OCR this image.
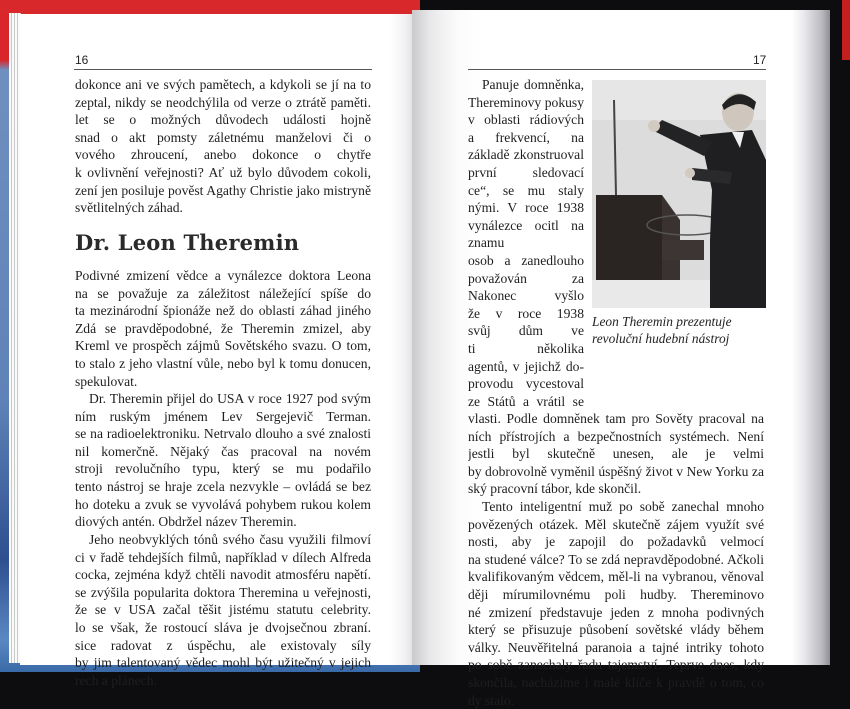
16
dokonce ani ve svých pamětech, a kdykoli se jí na to
zeptal, nikdy se neodchýlila od verze o ztrátě paměti.
let se o možných důvodech události hojně
snad o akt pomsty záletnému manželovi či o
vového zhroucení, anebo dokonce o chytře
k ovlivnění veřejnosti? Ať už bylo důvodem cokoli,
zení jen posiluje pověst Agathy Christie jako mistryně
světlitelných záhad.
Dr. Leon Theremin
Podivné zmizení vědce a vynálezce doktora Leona
na se považuje za záležitost náležející spíše do
ta mezinárodní špionáže než do oblasti záhad jiného
Zdá se pravděpodobné, že Theremin zmizel, aby
Kreml ve prospěch zájmů Sovětského svazu. O tom,
to stalo z jeho vlastní vůle, nebo byl k tomu donucen,
spekulovat.
Dr. Theremin přijel do USA v roce 1927 pod svým
ním ruským jménem Lev Sergejevič Terman.
se na radioelektroniku. Netrvalo dlouho a své znalosti
nil komerčně. Nějaký čas pracoval na novém
stroji revolučního typu, který se mu podařilo
tento nástroj se hraje zcela nezvykle – ovládá se bez
ho doteku a zvuk se vyvolává pohybem rukou kolem
diových antén. Obdržel název Theremin.
Jeho neobvyklých tónů svého času využili filmoví
ci v řadě tehdejších filmů, například v dílech Alfreda
cocka, zejména když chtěli navodit atmosféru napětí.
se zvýšila popularita doktora Theremina u veřejnosti,
že se v USA začal těšit jistému statutu celebrity.
lo se však, že rostoucí sláva je dvojsečnou zbraní.
sice radovat z úspěchu, ale existovaly síly
by jim talentovaný vědec mohl být užitečný v jejich
rech a plánech.
17
Panuje domněnka,
Thereminovy pokusy
v oblasti rádiových
a frekvencí, na
základě zkonstruoval
první sledovací
ce“, se mu staly
nými. V roce 1938
vynálezce ocitl na
znamu
osob a zanedlouho
považován za
Nakonec vyšlo
že v roce 1938
svůj dům ve
ti několika
agentů, v jejichž do-
provodu vycestoval
ze Států a vrátil se
Leon Theremin prezentuje revoluční hudební nástroj
vlasti. Podle domněnek tam pro Sověty pracoval na
ních přístrojích a bezpečnostních systémech. Není
jestli byl skutečně unesen, ale je velmi
by dobrovolně vyměnil úspěšný život v New Yorku za
ský pracovní tábor, kde skončil.
Tento inteligentní muž po sobě zanechal mnoho
povězených otázek. Měl skutečně zájem využít své
nosti, aby je zapojil do požadavků velmocí
na studené válce? To se zdá nepravděpodobné. Ačkoli
kvalifikovaným vědcem, měl-li na vybranou, věnoval
ději mírumilovnému poli hudby. Thereminovo
né zmizení představuje jeden z mnoha podivných
který se přisuzuje působení sovětské vlády během
války. Neuvěřitelná paranoia a tajné intriky tohoto
po sobě zanechaly řadu tajemství. Teprve dnes, kdy
skončila, nacházíme i malé klíče k pravdě o tom, co
dy stalo.
